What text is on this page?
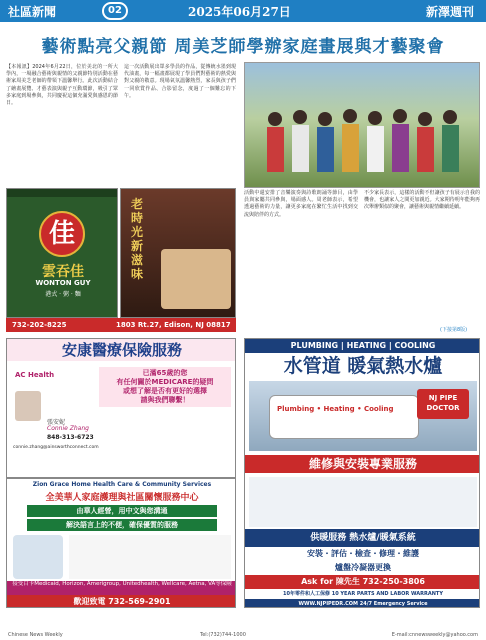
社區新聞	02	2025年06月27日	新澤週刊
藝術點亮父親節 周美芝師學辦家庭畫展與才藝聚會
【本報訊】2024年6月22日，位於美北的一所大學內，一場融合藝術與親情的父親節特別活動在藝術家周美芝老師的帶領下溫馨舉行。此次活動結合了繪畫展覽、才藝表演與親子互動環節，吸引了眾多家庭到場參與，共同慶祝這個充滿愛與感恩的節日。
這一次活動展出眾多學員的作品，從傳統水墨到現代油畫，每一幅畫都展現了學員們對藝術的熱愛與對父親的敬意。現場氣氛溫馨熱烈，家長與孩子們一同欣賞作品、合影留念，度過了一個難忘的下午。
佳
雲吞佳
WONTON GUY
港式 · 粥 · 麵
老時光 新滋味
732-202-8225	1803 Rt.27, Edison, NJ 08817
活動中還安排了音樂演奏與詩歌朗誦等節目，由學員與家屬共同參與，場面感人。周老師表示，希望透過藝術的力量，讓更多家庭在繁忙生活中找到交流與陪伴的方式。
不少家長表示，這樣的活動不但讓孩子有展示自我的機會，也讓家人之間更加親近。大家期待明年能夠再次舉辦類似的聚會，讓藝術與親情繼續延續。
(下接第8版)
安康醫療保險服務
AC Health	已滿65歲的您
有任何關於MEDICARE的疑問
或想了解是否有更好的選擇
請與我們聯繫！
張安妮
Connie Zhang
848-313-6723
connie.zhang@ainsworthconnect.com
PLUMBING | HEATING | COOLING
水管道 暖氣熱水爐
Plumbing • Heating • Cooling
NJ PIPE DOCTOR
維修與安裝專業服務
供暖服務 熱水爐/暖氣系統
安裝・評估・檢查・修理・維護
爐盤冷凝器更換
Ask for 陳先生 732-250-3806
10年零件和人工保修 10 YEAR PARTS AND LABOR WARRANTY
WWW.NJPIPEDR.COM 24/7 Emergency Service
Zion Grace Home Health Care & Community Services
全美華人家庭護理與社區關懷服務中心
由華人經營，用中文與您溝通
解決語言上的不便，確保優質的服務
接受白卡Medicaid, Horizon, Amerigroup, Unitedhealth, Wellcare, Aetna, VA等保險
歡迎致電 732-569-2901
Chinese News Weekly	Tel:(732)744-1000	E-mail:cnnewsweekly@yahoo.com
